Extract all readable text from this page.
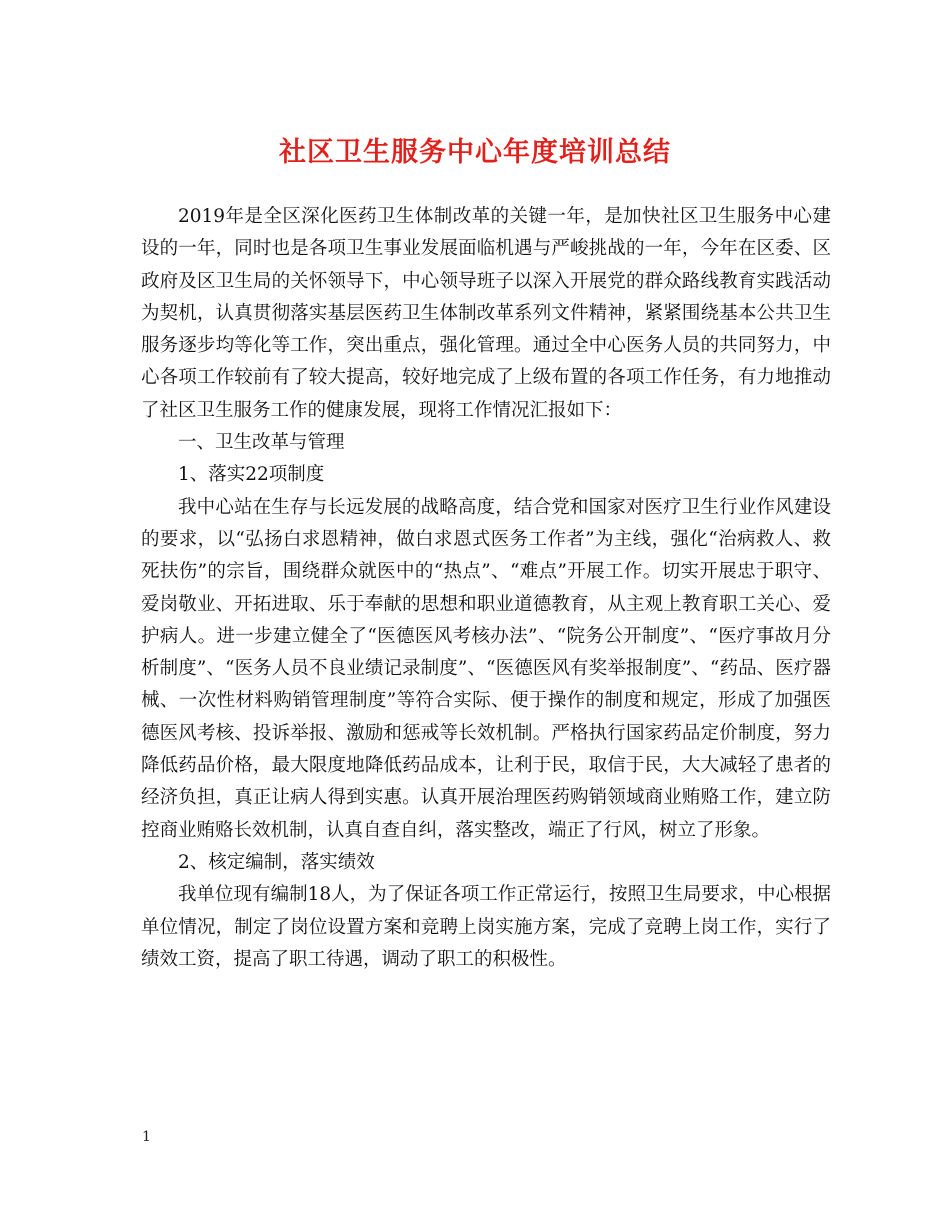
社区卫生服务中心年度培训总结

2019年是全区深化医药卫生体制改革的关键一年，是加快社区卫生服务中心建设的一年，同时也是各项卫生事业发展面临机遇与严峻挑战的一年，今年在区委、区政府及区卫生局的关怀领导下，中心领导班子以深入开展党的群众路线教育实践活动为契机，认真贯彻落实基层医药卫生体制改革系列文件精神，紧紧围绕基本公共卫生服务逐步均等化等工作，突出重点，强化管理。通过全中心医务人员的共同努力，中心各项工作较前有了较大提高，较好地完成了上级布置的各项工作任务，有力地推动了社区卫生服务工作的健康发展，现将工作情况汇报如下：

一、卫生改革与管理

1、落实22项制度

我中心站在生存与长远发展的战略高度，结合党和国家对医疗卫生行业作风建设的要求，以“弘扬白求恩精神，做白求恩式医务工作者”为主线，强化“治病救人、救死扶伤”的宗旨，围绕群众就医中的“热点”、“难点”开展工作。切实开展忠于职守、爱岗敬业、开拓进取、乐于奉献的思想和职业道德教育，从主观上教育职工关心、爱护病人。进一步建立健全了“医德医风考核办法”、“院务公开制度”、“医疗事故月分析制度”、“医务人员不良业绩记录制度”、“医德医风有奖举报制度”、“药品、医疗器械、一次性材料购销管理制度”等符合实际、便于操作的制度和规定，形成了加强医德医风考核、投诉举报、激励和惩戒等长效机制。严格执行国家药品定价制度，努力降低药品价格，最大限度地降低药品成本，让利于民，取信于民，大大减轻了患者的经济负担，真正让病人得到实惠。认真开展治理医药购销领域商业贿赂工作，建立防控商业贿赂长效机制，认真自查自纠，落实整改，端正了行风，树立了形象。

2、核定编制，落实绩效

我单位现有编制18人，为了保证各项工作正常运行，按照卫生局要求，中心根据单位情况，制定了岗位设置方案和竞聘上岗实施方案，完成了竞聘上岗工作，实行了绩效工资，提高了职工待遇，调动了职工的积极性。

1
